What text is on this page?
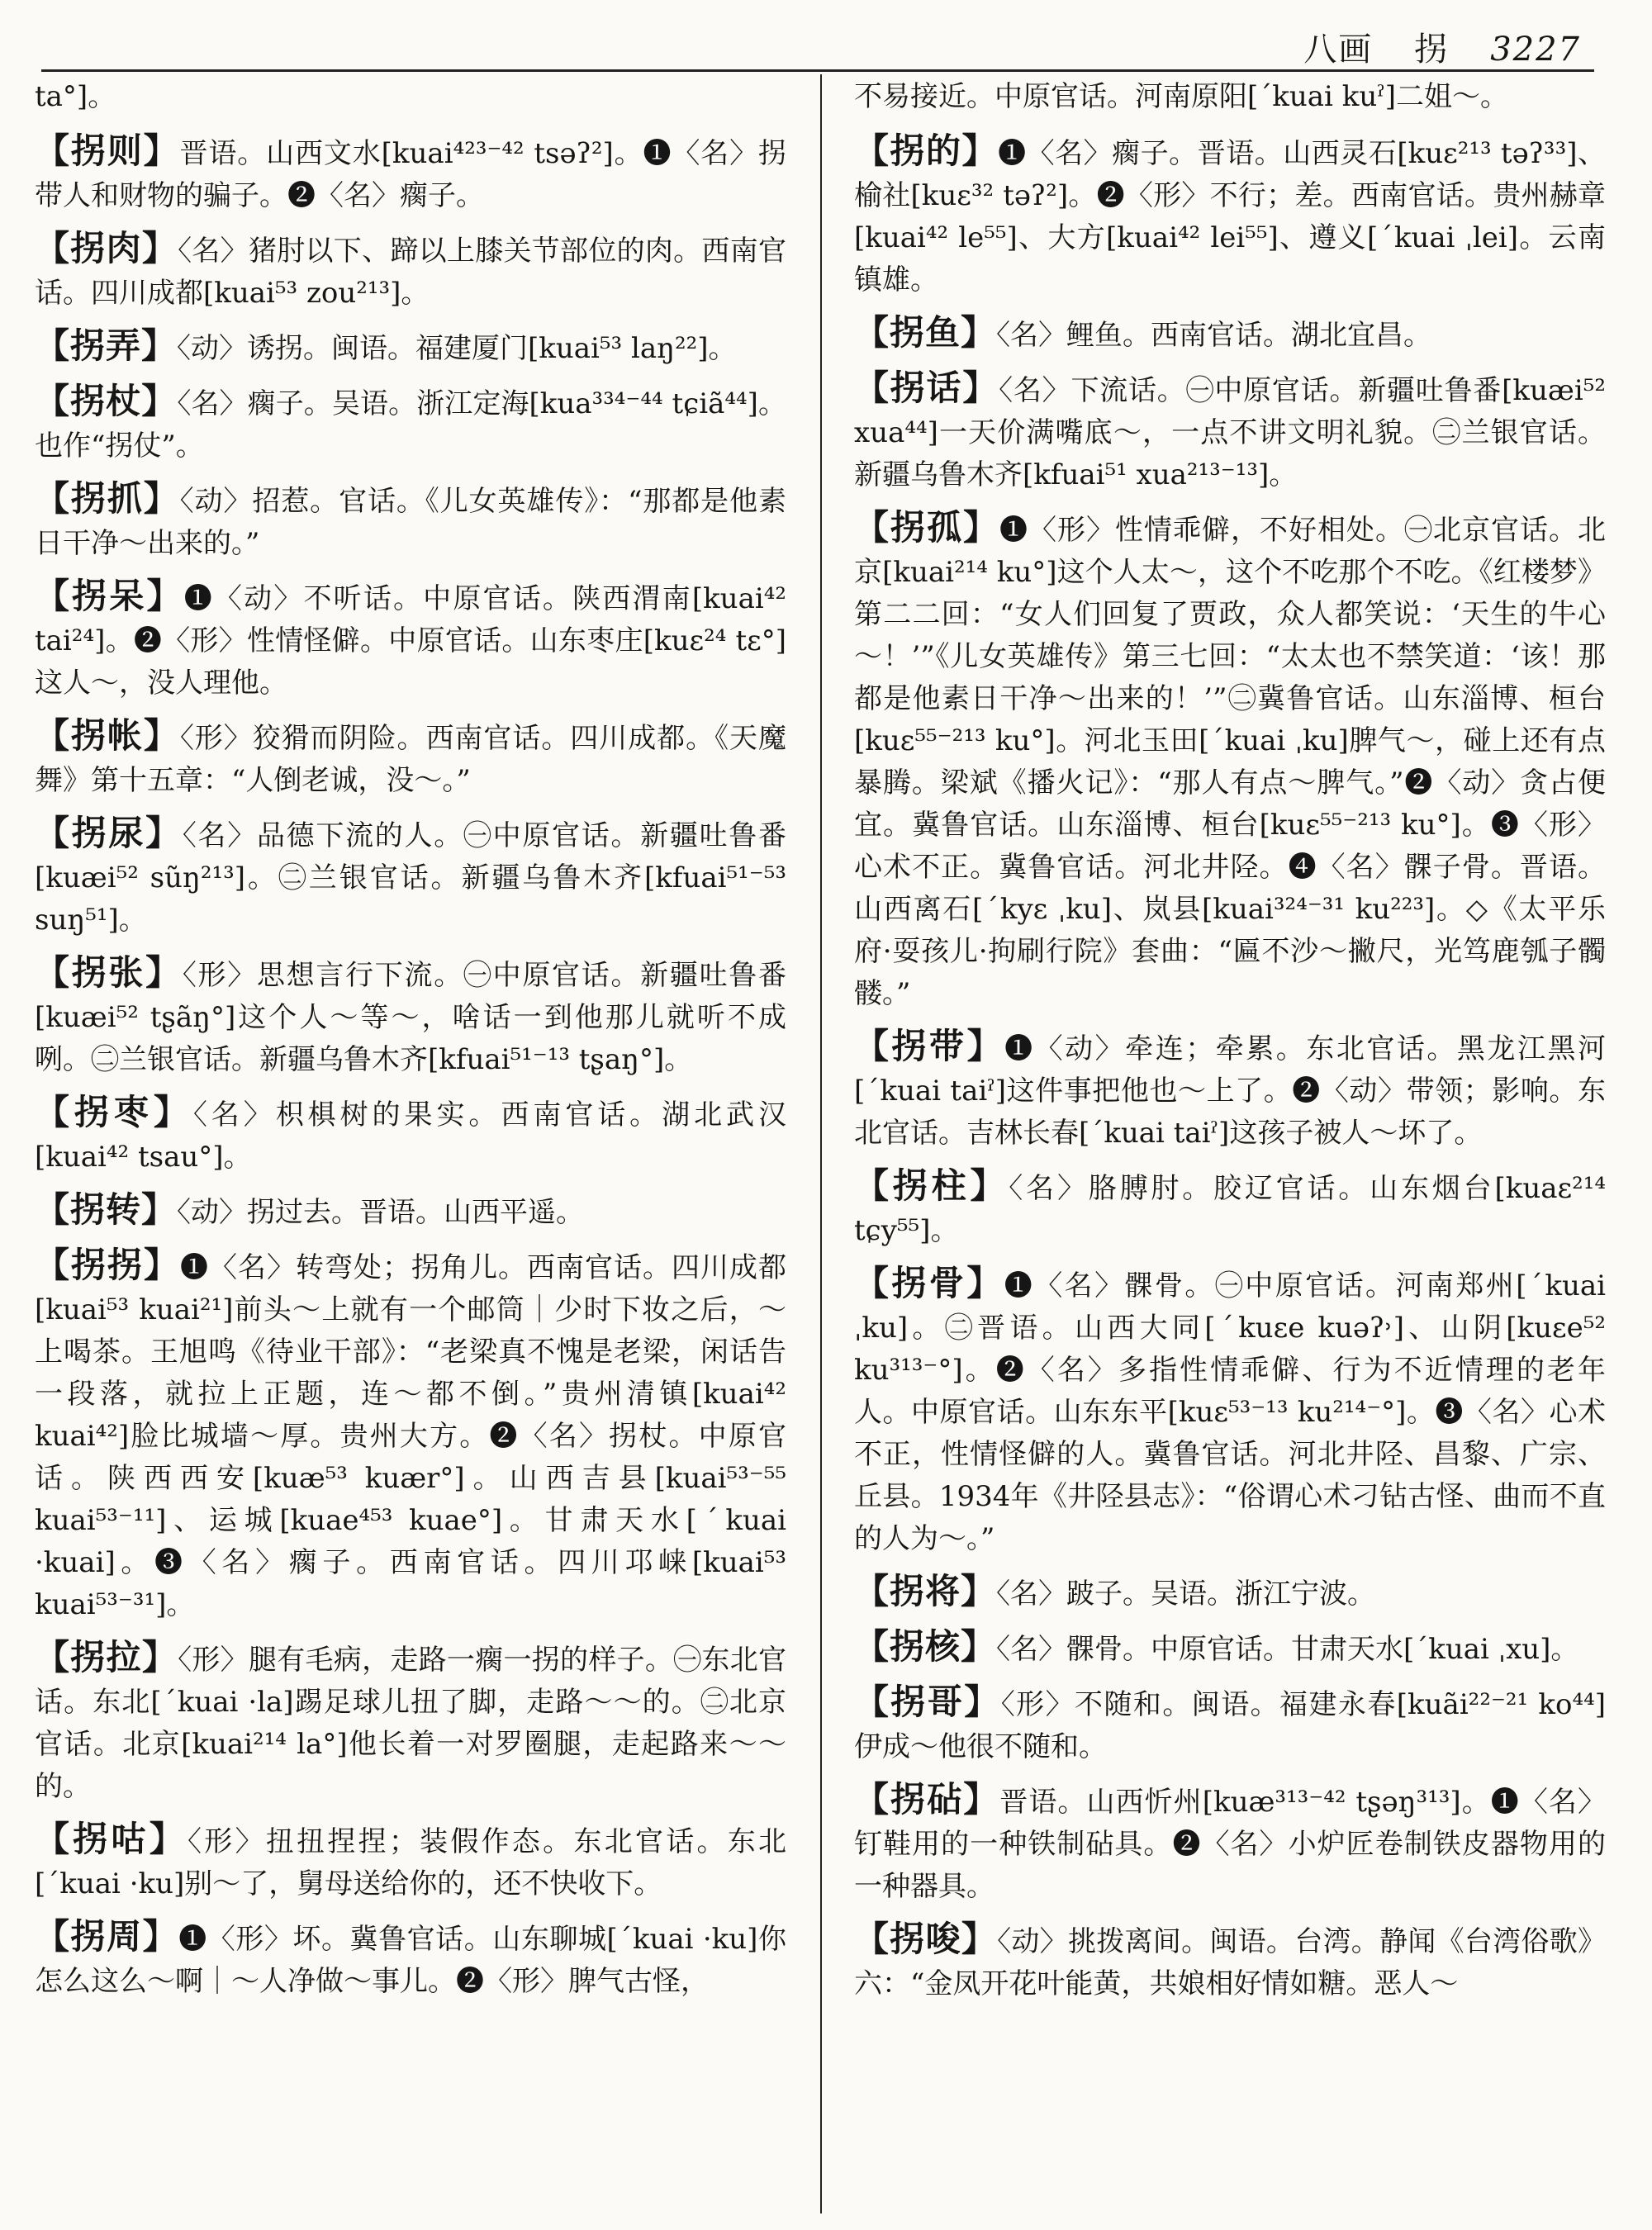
八画 拐 3227
ta°]。
【拐则】晋语。山西文水[kuai⁴²³⁻⁴² tsəʔ²]。❶〈名〉拐带人和财物的骗子。❷〈名〉瘸子。
【拐肉】〈名〉猪肘以下、蹄以上膝关节部位的肉。西南官话。四川成都[kuai⁵³ zou²¹³]。
【拐弄】〈动〉诱拐。闽语。福建厦门[kuai⁵³ laŋ²²]。
【拐杖】〈名〉瘸子。吴语。浙江定海[kua³³⁴⁻⁴⁴ tɕiã⁴⁴]。也作“拐仗”。
【拐抓】〈动〉招惹。官话。《儿女英雄传》：“那都是他素日干净～出来的。”
【拐呆】❶〈动〉不听话。中原官话。陕西渭南[kuai⁴² tai²⁴]。❷〈形〉性情怪僻。中原官话。山东枣庄[kuɛ²⁴ tɛ°]这人～，没人理他。
【拐帐】〈形〉狡猾而阴险。西南官话。四川成都。《天魔舞》第十五章：“人倒老诚，没～。”
【拐尿】〈名〉品德下流的人。㊀中原官话。新疆吐鲁番[kuæi⁵² sũŋ²¹³]。㊁兰银官话。新疆乌鲁木齐[kfuai⁵¹⁻⁵³ suŋ⁵¹]。
【拐张】〈形〉思想言行下流。㊀中原官话。新疆吐鲁番[kuæi⁵² tʂãŋ°]这个人～等～，啥话一到他那儿就听不成咧。㊁兰银官话。新疆乌鲁木齐[kfuai⁵¹⁻¹³ tʂaŋ°]。
【拐枣】〈名〉枳椇树的果实。西南官话。湖北武汉[kuai⁴² tsau°]。
【拐转】〈动〉拐过去。晋语。山西平遥。
【拐拐】❶〈名〉转弯处；拐角儿。西南官话。四川成都[kuai⁵³ kuai²¹]前头～上就有一个邮筒｜少时下妆之后，～上喝茶。王旭鸣《待业干部》：“老梁真不愧是老梁，闲话告一段落，就拉上正题，连～都不倒。”贵州清镇[kuai⁴² kuai⁴²]脸比城墙～厚。贵州大方。❷〈名〉拐杖。中原官话。陕西西安[kuæ⁵³ kuær°]。山西吉县[kuai⁵³⁻⁵⁵ kuai⁵³⁻¹¹]、运城[kuae⁴⁵³ kuae°]。甘肃天水[ˊkuai ·kuai]。❸〈名〉瘸子。西南官话。四川邛崃[kuai⁵³ kuai⁵³⁻³¹]。
【拐拉】〈形〉腿有毛病，走路一瘸一拐的样子。㊀东北官话。东北[ˊkuai ·la]踢足球儿扭了脚，走路～～的。㊁北京官话。北京[kuai²¹⁴ la°]他长着一对罗圈腿，走起路来～～的。
【拐咕】〈形〉扭扭捏捏；装假作态。东北官话。东北[ˊkuai ·ku]别～了，舅母送给你的，还不快收下。
【拐周】❶〈形〉坏。冀鲁官话。山东聊城[ˊkuai ·ku]你怎么这么～啊｜～人净做～事儿。❷〈形〉脾气古怪，
不易接近。中原官话。河南原阳[ˊkuai kuˀ]二姐～。
【拐的】❶〈名〉瘸子。晋语。山西灵石[kuɛ²¹³ təʔ³³]、榆社[kuɛ³² təʔ²]。❷〈形〉不行；差。西南官话。贵州赫章[kuai⁴² le⁵⁵]、大方[kuai⁴² lei⁵⁵]、遵义[ˊkuai ˌlei]。云南镇雄。
【拐鱼】〈名〉鲤鱼。西南官话。湖北宜昌。
【拐话】〈名〉下流话。㊀中原官话。新疆吐鲁番[kuæi⁵² xua⁴⁴]一天价满嘴底～，一点不讲文明礼貌。㊁兰银官话。新疆乌鲁木齐[kfuai⁵¹ xua²¹³⁻¹³]。
【拐孤】❶〈形〉性情乖僻，不好相处。㊀北京官话。北京[kuai²¹⁴ ku°]这个人太～，这个不吃那个不吃。《红楼梦》第二二回：“女人们回复了贾政，众人都笑说：‘天生的牛心～！’”《儿女英雄传》第三七回：“太太也不禁笑道：‘该！那都是他素日干净～出来的！’”㊁冀鲁官话。山东淄博、桓台[kuɛ⁵⁵⁻²¹³ ku°]。河北玉田[ˊkuai ˌku]脾气～，碰上还有点暴腾。梁斌《播火记》：“那人有点～脾气。”❷〈动〉贪占便宜。冀鲁官话。山东淄博、桓台[kuɛ⁵⁵⁻²¹³ ku°]。❸〈形〉心术不正。冀鲁官话。河北井陉。❹〈名〉髁子骨。晋语。山西离石[ˊkyɛ ˌku]、岚县[kuai³²⁴⁻³¹ ku²²³]。◇《太平乐府·耍孩儿·拘刷行院》套曲：“匾不沙～撇尺，光笃鹿瓠子髑髅。”
【拐带】❶〈动〉牵连；牵累。东北官话。黑龙江黑河[ˊkuai taiˀ]这件事把他也～上了。❷〈动〉带领；影响。东北官话。吉林长春[ˊkuai taiˀ]这孩子被人～坏了。
【拐柱】〈名〉胳膊肘。胶辽官话。山东烟台[kuaɛ²¹⁴ tɕy⁵⁵]。
【拐骨】❶〈名〉髁骨。㊀中原官话。河南郑州[ˊkuai ˌku]。㊁晋语。山西大同[ˊkuɛe kuəʔ˒]、山阴[kuɛe⁵² ku³¹³⁻°]。❷〈名〉多指性情乖僻、行为不近情理的老年人。中原官话。山东东平[kuɛ⁵³⁻¹³ ku²¹⁴⁻°]。❸〈名〉心术不正，性情怪僻的人。冀鲁官话。河北井陉、昌黎、广宗、丘县。1934年《井陉县志》：“俗谓心术刁钻古怪、曲而不直的人为～。”
【拐将】〈名〉跛子。吴语。浙江宁波。
【拐核】〈名〉髁骨。中原官话。甘肃天水[ˊkuai ˌxu]。
【拐哥】〈形〉不随和。闽语。福建永春[kuãi²²⁻²¹ ko⁴⁴]伊成～他很不随和。
【拐砧】晋语。山西忻州[kuæ³¹³⁻⁴² tʂəŋ³¹³]。❶〈名〉钉鞋用的一种铁制砧具。❷〈名〉小炉匠卷制铁皮器物用的一种器具。
【拐唆】〈动〉挑拨离间。闽语。台湾。静闻《台湾俗歌》六：“金凤开花叶能黄，共娘相好情如糖。恶人～
